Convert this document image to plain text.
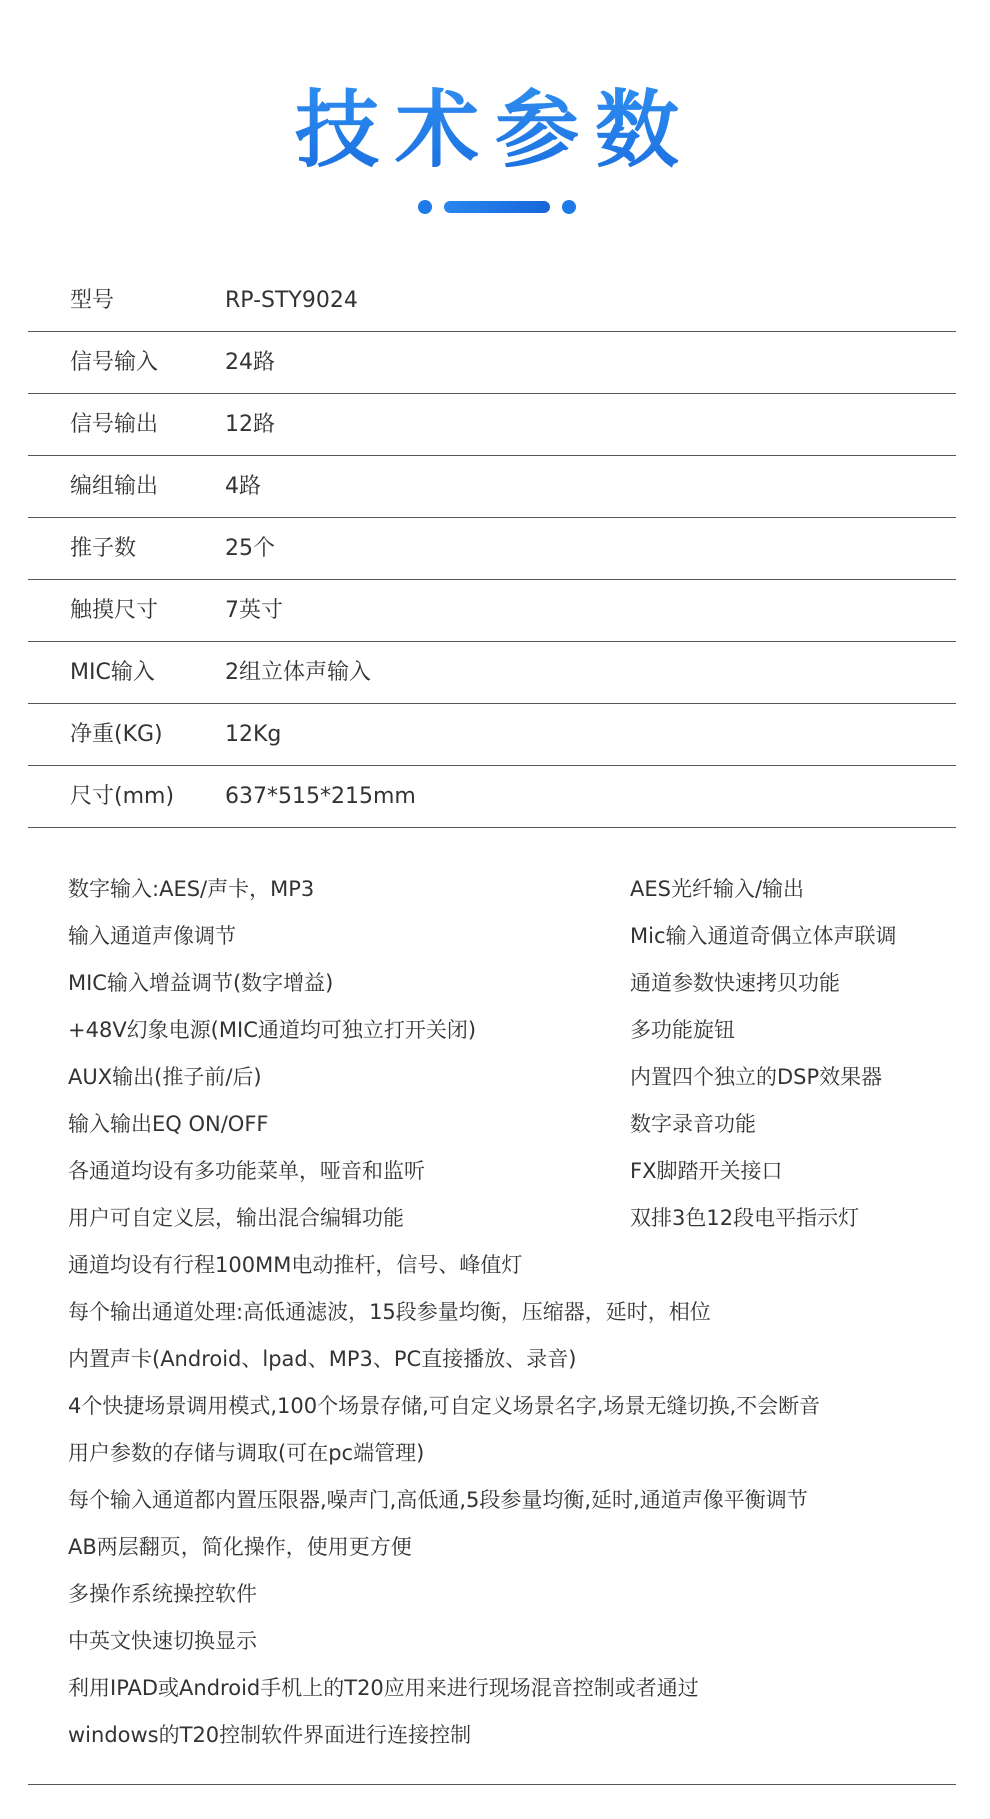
技术参数
型号	RP-STY9024
信号输入	24路
信号输出	12路
编组输出	4路
推子数	25个
触摸尺寸	7英寸
MIC输入	2组立体声输入
净重(KG)	12Kg
尺寸(mm) 637*515*215mm
数字输入:AES/声卡，MP3	AES光纤输入/输出
输入通道声像调节	Mic输入通道奇偶立体声联调
MIC输入增益调节(数字增益)	通道参数快速拷贝功能
+48V幻象电源(MIC通道均可独立打开关闭)	多功能旋钮
AUX输出(推子前/后)	内置四个独立的DSP效果器
输入输出EQ ON/OFF	数字录音功能
各通道均设有多功能菜单，哑音和监听	FX脚踏开关接口
用户可自定义层，输出混合编辑功能	双排3色12段电平指示灯
通道均设有行程100MM电动推杆，信号、峰值灯
每个输出通道处理:高低通滤波，15段参量均衡，压缩器，延时，相位
内置声卡(Android、lpad、MP3、PC直接播放、录音)
4个快捷场景调用模式,100个场景存储,可自定义场景名字,场景无缝切换,不会断音
用户参数的存储与调取(可在pc端管理)
每个输入通道都内置压限器,噪声门,高低通,5段参量均衡,延时,通道声像平衡调节
AB两层翻页，简化操作，使用更方便
多操作系统操控软件
中英文快速切换显示
利用IPAD或Android手机上的T20应用来进行现场混音控制或者通过
windows的T20控制软件界面进行连接控制
